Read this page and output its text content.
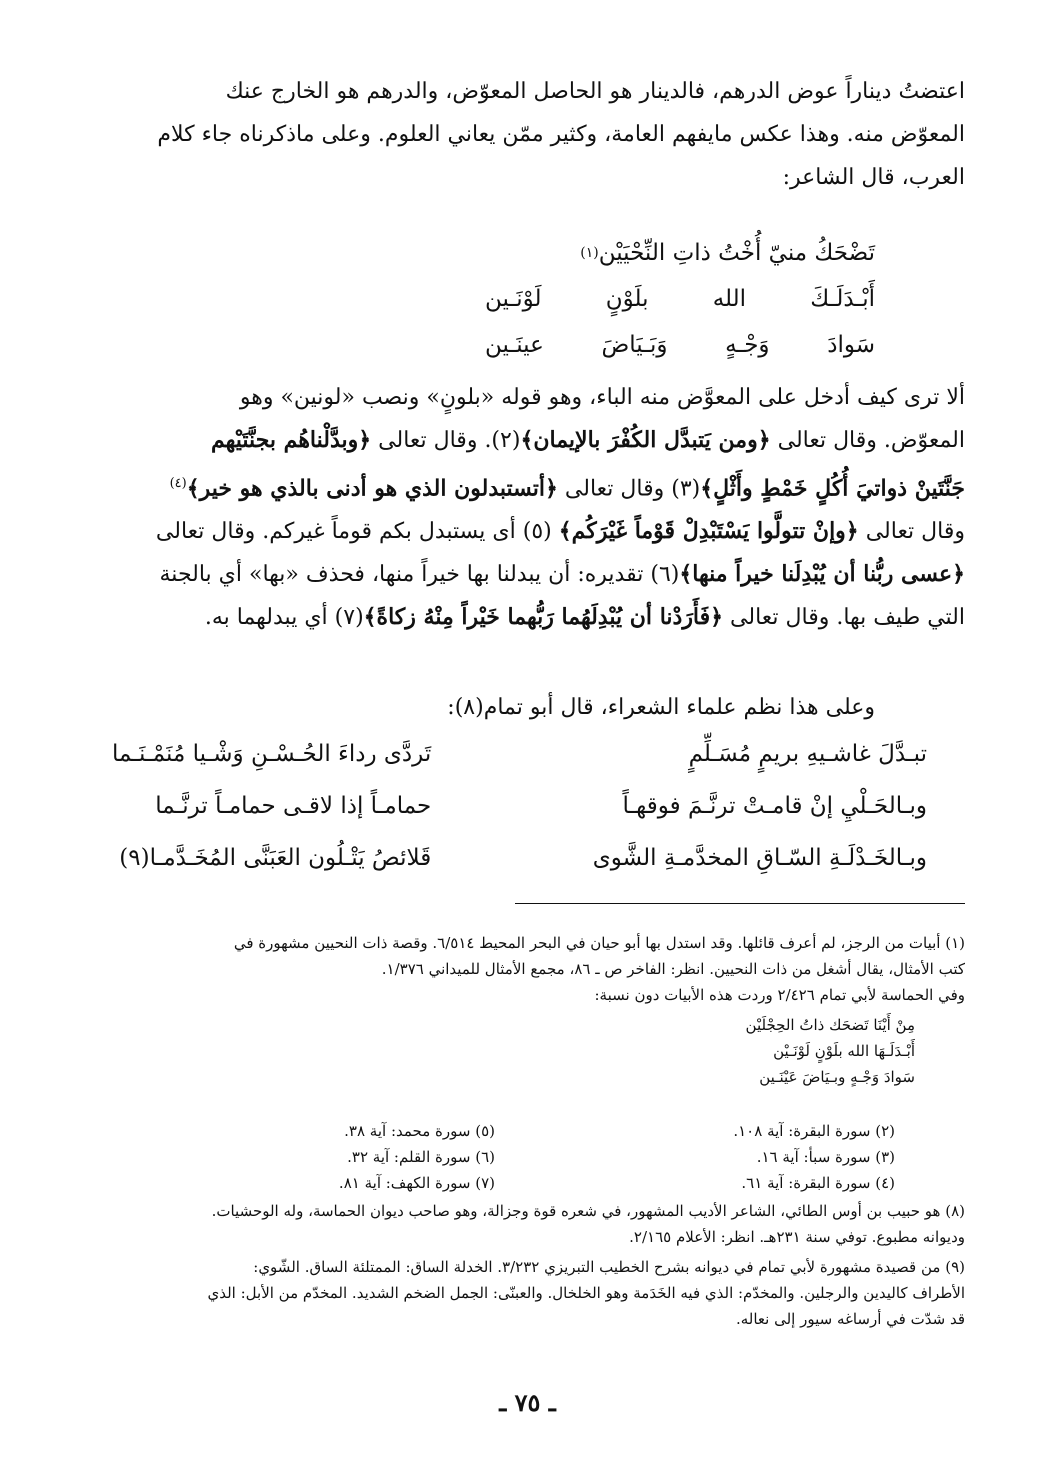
اعتضتُ ديناراً عوض الدرهم، فالدينار هو الحاصل المعوّض، والدرهم هو الخارج عنك
المعوّض منه. وهذا عكس مايفهم العامة، وكثير ممّن يعاني العلوم. وعلى ماذكرناه جاء كلام
العرب، قال الشاعر:
تَضْحَكُ منيّ أُخْتُ ذاتِ النِّحْيَيْن
(١)
أَبْـدَلَـكَ
الله
بلَوْنٍ
لَوْنَـين
سَوادَ
وَجْـهٍ
وَبَـيَاضَ
عينَـين
ألا ترى كيف أدخل على المعوَّض منه الباء، وهو قوله «بلونٍ» ونصب «لونين» وهو
المعوّض. وقال تعالى ﴿ومن يَتبدَّل الكُفْرَ بالإيمان﴾(٢). وقال تعالى ﴿وبدَّلْناهُم بجنَّتَيْهم
جَنَّتَينْ ذواتيَ أُكُلٍ خَمْطٍ وأَثْلٍ﴾(٣) وقال تعالى ﴿أتستبدلون الذي هو أدنى بالذي هو خير﴾$^{(٤)}$
وقال تعالى ﴿وإنْ تتولَّوا يَسْتَبْدِلْ قَوْماً غَيْرَكُم﴾ (٥) أى يستبدل بكم قوماً غيركم. وقال تعالى
﴿عسى ربُّنا أن يُبْدِلَنا خيراً منها﴾(٦) تقديره: أن يبدلنا بها خيراً منها، فحذف «بها» أي بالجنة
التي طيف بها. وقال تعالى ﴿فَأَرَدْنا أن يُبْدِلَهُما رَبُّهما خَيْراً مِنْهُ زكاةً﴾(٧) أي يبدلهما به.
وعلى هذا نظم علماء الشعراء، قال أبو تمام(٨):
تبـدَّلَ غاشـيهِ بريمٍ مُسَـلِّمٍ
وبـالحَـلْيِ إنْ قامـتْ ترنَّـمَ فوقهـاً
وبـالخَـدْلَـةِ السّـاقِ المخدَّمـةِ الشَّوى
تَردَّى رداءَ الحُـسْـنِ وَشْـيا مُنَمْـنَـما
حمامـاً إذا لاقـى حمامـاً ترنَّـما
قَلائصُ يَتْـلُون العَبَنَّى المُخَـدَّمـا(٩)
(١) أبيات من الرجز، لم أعرف قائلها. وقد استدل بها أبو حيان في البحر المحيط ٦/٥١٤. وقصة ذات النحيين مشهورة في
كتب الأمثال، يقال أشغل من ذات النحيين. انظر: الفاخر ص ـ ٨٦، مجمع الأمثال للميداني ١/٣٧٦.
وفي الحماسة لأبي تمام ٢/٤٢٦ وردت هذه الأبيات دون نسبة:
مِنْ أَيْنَا تَضحَك ذاتُ الحِجْلَيْن
أَبْـدَلَـهَا الله بلَوْنٍ لَوْنَـيْن
سَوادَ وَجْـهٍ وبـيَاضَ عَيْنَـين
(٢) سورة البقرة: آية ١٠٨.
(٣) سورة سبأ: آية ١٦.
(٤) سورة البقرة: آية ٦١.
(٥) سورة محمد: آية ٣٨.
(٦) سورة القلم: آية ٣٢.
(٧) سورة الكهف: آية ٨١.
(٨) هو حبيب بن أوس الطائي، الشاعر الأديب المشهور، في شعره قوة وجزالة، وهو صاحب ديوان الحماسة، وله الوحشيات.
وديوانه مطبوع. توفي سنة ٢٣١هـ. انظر: الأعلام ٢/١٦٥.
(٩) من قصيدة مشهورة لأبي تمام في ديوانه بشرح الخطيب التبريزي ٣/٢٣٢. الخدلة الساق: الممتلئة الساق. الشّوي:
الأطراف كاليدين والرجلين. والمخدّم: الذي فيه الخَدَمة وهو الخلخال. والعبنّى: الجمل الضخم الشديد. المخدّم من الأبل: الذي
قد شدّت في أرساغه سيور إلى نعاله.
ـ ٧٥ ـ
